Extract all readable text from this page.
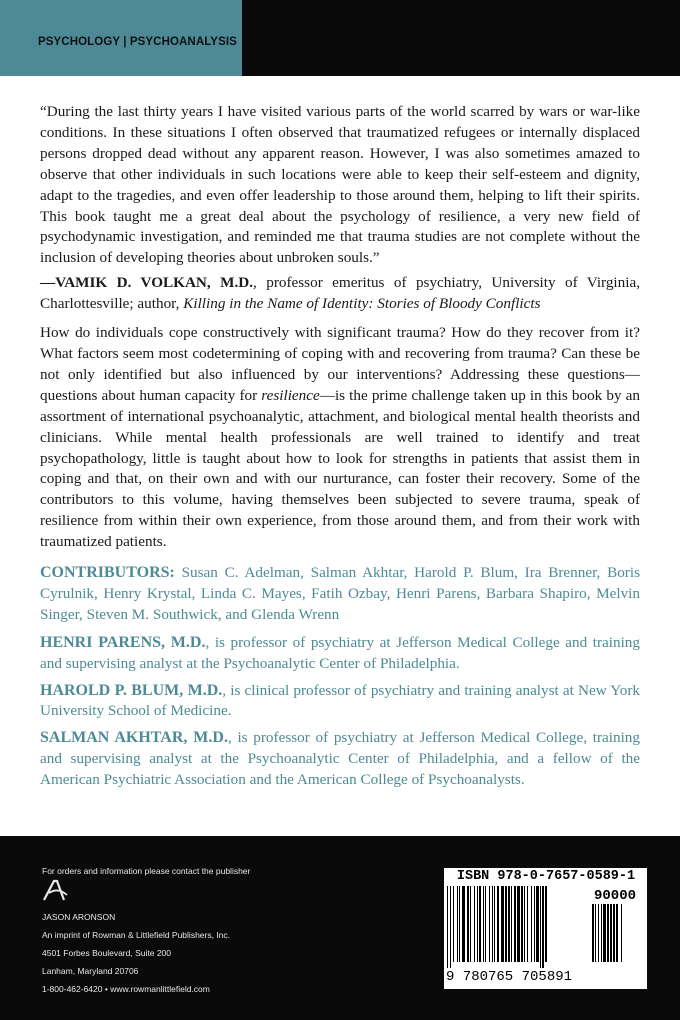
PSYCHOLOGY | PSYCHOANALYSIS

“During the last thirty years I have visited various parts of the world scarred by wars or war-like conditions. In these situations I often observed that traumatized refugees or internally displaced persons dropped dead without any apparent reason. However, I was also sometimes amazed to observe that other individuals in such locations were able to keep their self-esteem and dignity, adapt to the tragedies, and even offer leadership to those around them, helping to lift their spirits. This book taught me a great deal about the psychology of resilience, a very new field of psychodynamic investigation, and reminded me that trauma studies are not complete without the inclusion of developing theories about unbroken souls.”

—VAMIK D. VOLKAN, M.D., professor emeritus of psychiatry, University of Virginia, Charlottesville; author, Killing in the Name of Identity: Stories of Bloody Conflicts

How do individuals cope constructively with significant trauma? How do they recover from it? What factors seem most codetermining of coping with and recovering from trauma? Can these be not only identified but also influenced by our interventions? Addressing these questions—questions about human capacity for resilience—is the prime challenge taken up in this book by an assortment of international psychoanalytic, attachment, and biological mental health theorists and clinicians. While mental health professionals are well trained to identify and treat psychopathology, little is taught about how to look for strengths in patients that assist them in coping and that, on their own and with our nurturance, can foster their recovery. Some of the contributors to this volume, having themselves been subjected to severe trauma, speak of resilience from within their own experience, from those around them, and from their work with traumatized patients.

CONTRIBUTORS: Susan C. Adelman, Salman Akhtar, Harold P. Blum, Ira Brenner, Boris Cyrulnik, Henry Krystal, Linda C. Mayes, Fatih Ozbay, Henri Parens, Barbara Shapiro, Melvin Singer, Steven M. Southwick, and Glenda Wrenn

HENRI PARENS, M.D., is professor of psychiatry at Jefferson Medical College and training and supervising analyst at the Psychoanalytic Center of Philadelphia.

HAROLD P. BLUM, M.D., is clinical professor of psychiatry and training analyst at New York University School of Medicine.

SALMAN AKHTAR, M.D., is professor of psychiatry at Jefferson Medical College, training and supervising analyst at the Psychoanalytic Center of Philadelphia, and a fellow of the American Psychiatric Association and the American College of Psychoanalysts.

For orders and information please contact the publisher
JASON ARONSON
An imprint of Rowman & Littlefield Publishers, Inc.
4501 Forbes Boulevard, Suite 200
Lanham, Maryland 20706
1-800-462-6420 • www.rowmanlittlefield.com
ISBN 978-0-7657-0589-1
90000
9 780765 705891
